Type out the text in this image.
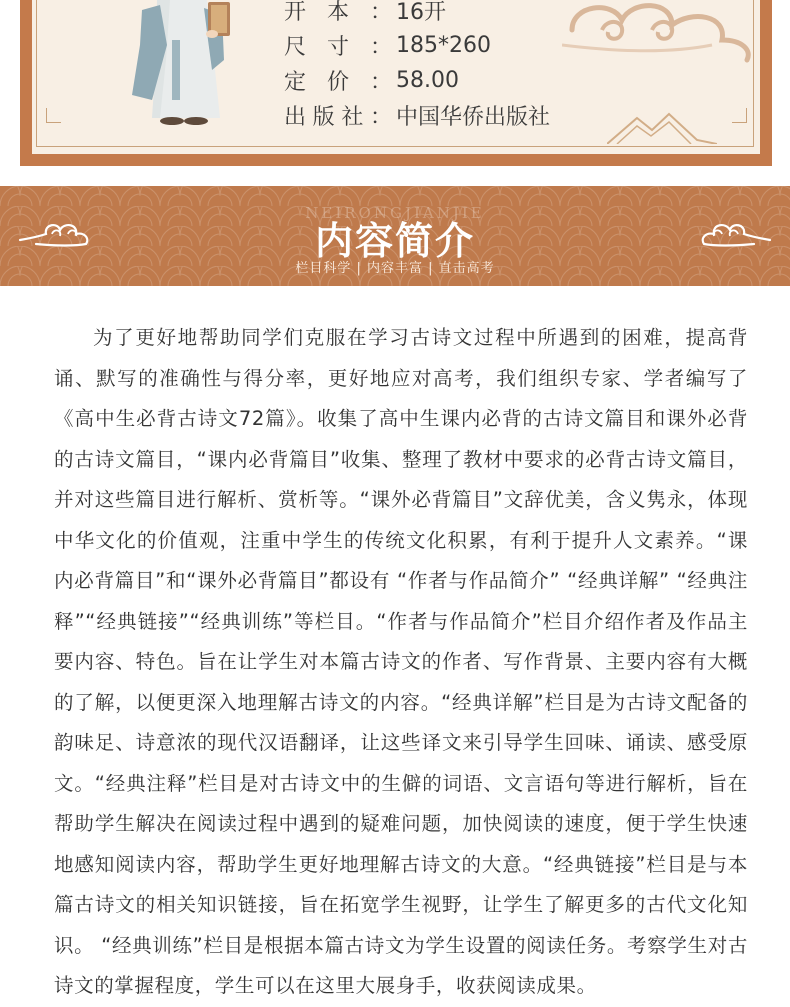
开 本 ： 16开
尺 寸 ： 185*260
定 价 ： 58.00
出 版 社 ： 中国华侨出版社
NEIRONGJIANJIE
内容简介
栏目科学 | 内容丰富 | 直击高考

为了更好地帮助同学们克服在学习古诗文过程中所遇到的困难，提高背诵、默写的准确性与得分率，更好地应对高考，我们组织专家、学者编写了《高中生必背古诗文72篇》。收集了高中生课内必背的古诗文篇目和课外必背的古诗文篇目，“课内必背篇目”收集、整理了教材中要求的必背古诗文篇目，并对这些篇目进行解析、赏析等。“课外必背篇目”文辞优美，含义隽永，体现中华文化的价值观，注重中学生的传统文化积累，有利于提升人文素养。“课内必背篇目”和“课外必背篇目”都设有 “作者与作品简介” “经典详解” “经典注释”“经典链接”“经典训练”等栏目。“作者与作品简介”栏目介绍作者及作品主要内容、特色。旨在让学生对本篇古诗文的作者、写作背景、主要内容有大概的了解，以便更深入地理解古诗文的内容。“经典详解”栏目是为古诗文配备的韵味足、诗意浓的现代汉语翻译，让这些译文来引导学生回味、诵读、感受原文。“经典注释”栏目是对古诗文中的生僻的词语、文言语句等进行解析，旨在帮助学生解决在阅读过程中遇到的疑难问题，加快阅读的速度，便于学生快速地感知阅读内容，帮助学生更好地理解古诗文的大意。“经典链接”栏目是与本篇古诗文的相关知识链接，旨在拓宽学生视野，让学生了解更多的古代文化知识。 “经典训练”栏目是根据本篇古诗文为学生设置的阅读任务。考察学生对古诗文的掌握程度，学生可以在这里大展身手，收获阅读成果。
